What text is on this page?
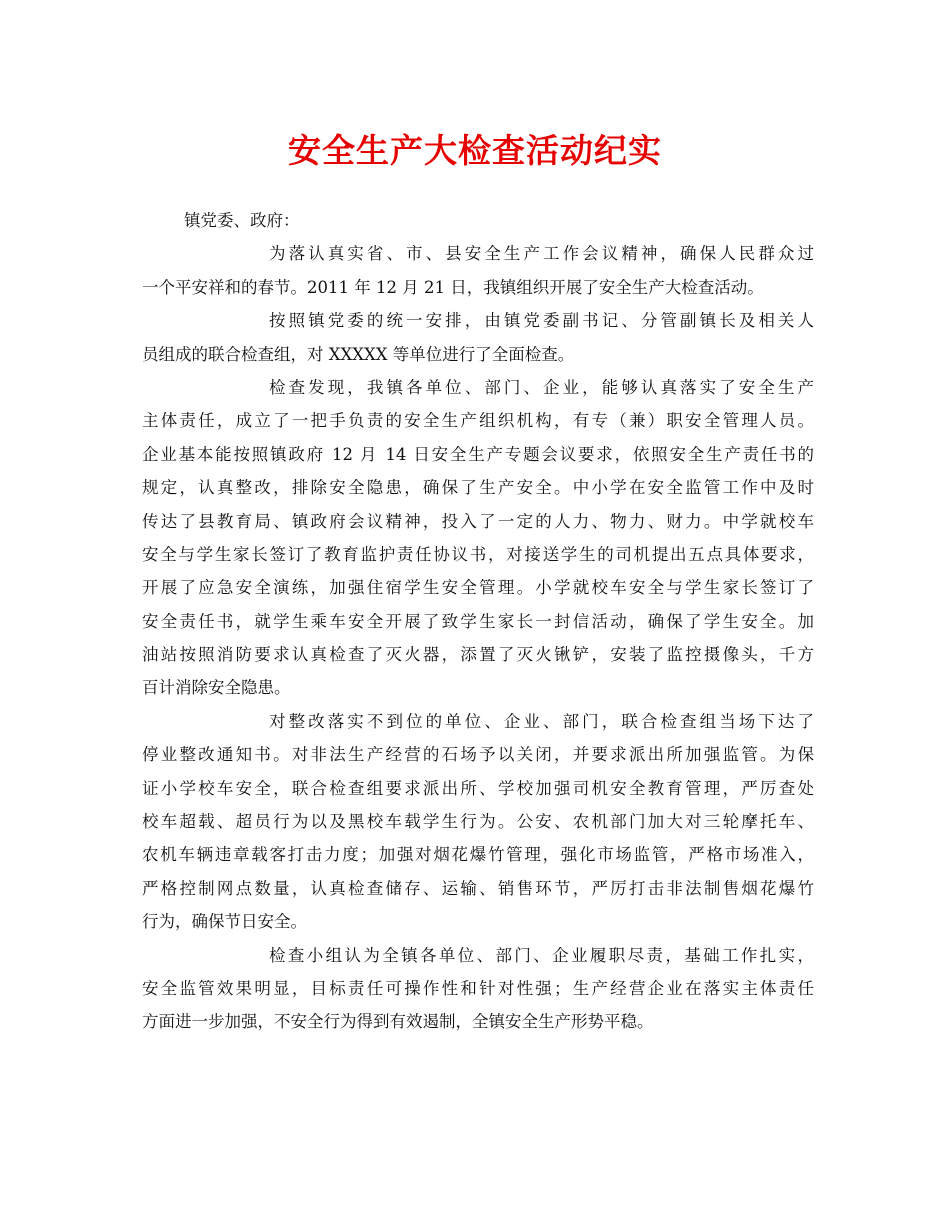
安全生产大检查活动纪实
镇党委、政府：
为落认真实省、市、县安全生产工作会议精神，确保人民群众过
一个平安祥和的春节。2011 年 12 月 21 日，我镇组织开展了安全生产大检查活动。
按照镇党委的统一安排，由镇党委副书记、分管副镇长及相关人
员组成的联合检查组，对 XXXXX 等单位进行了全面检查。
检查发现，我镇各单位、部门、企业，能够认真落实了安全生产
主体责任，成立了一把手负责的安全生产组织机构，有专（兼）职安全管理人员。
企业基本能按照镇政府 12 月 14 日安全生产专题会议要求，依照安全生产责任书的
规定，认真整改，排除安全隐患，确保了生产安全。中小学在安全监管工作中及时
传达了县教育局、镇政府会议精神，投入了一定的人力、物力、财力。中学就校车
安全与学生家长签订了教育监护责任协议书，对接送学生的司机提出五点具体要求，
开展了应急安全演练，加强住宿学生安全管理。小学就校车安全与学生家长签订了
安全责任书，就学生乘车安全开展了致学生家长一封信活动，确保了学生安全。加
油站按照消防要求认真检查了灭火器，添置了灭火锹铲，安装了监控摄像头，千方
百计消除安全隐患。
对整改落实不到位的单位、企业、部门，联合检查组当场下达了
停业整改通知书。对非法生产经营的石场予以关闭，并要求派出所加强监管。为保
证小学校车安全，联合检查组要求派出所、学校加强司机安全教育管理，严厉查处
校车超载、超员行为以及黑校车载学生行为。公安、农机部门加大对三轮摩托车、
农机车辆违章载客打击力度；加强对烟花爆竹管理，强化市场监管，严格市场准入，
严格控制网点数量，认真检查储存、运输、销售环节，严厉打击非法制售烟花爆竹
行为，确保节日安全。
检查小组认为全镇各单位、部门、企业履职尽责，基础工作扎实，
安全监管效果明显，目标责任可操作性和针对性强；生产经营企业在落实主体责任
方面进一步加强，不安全行为得到有效遏制，全镇安全生产形势平稳。
